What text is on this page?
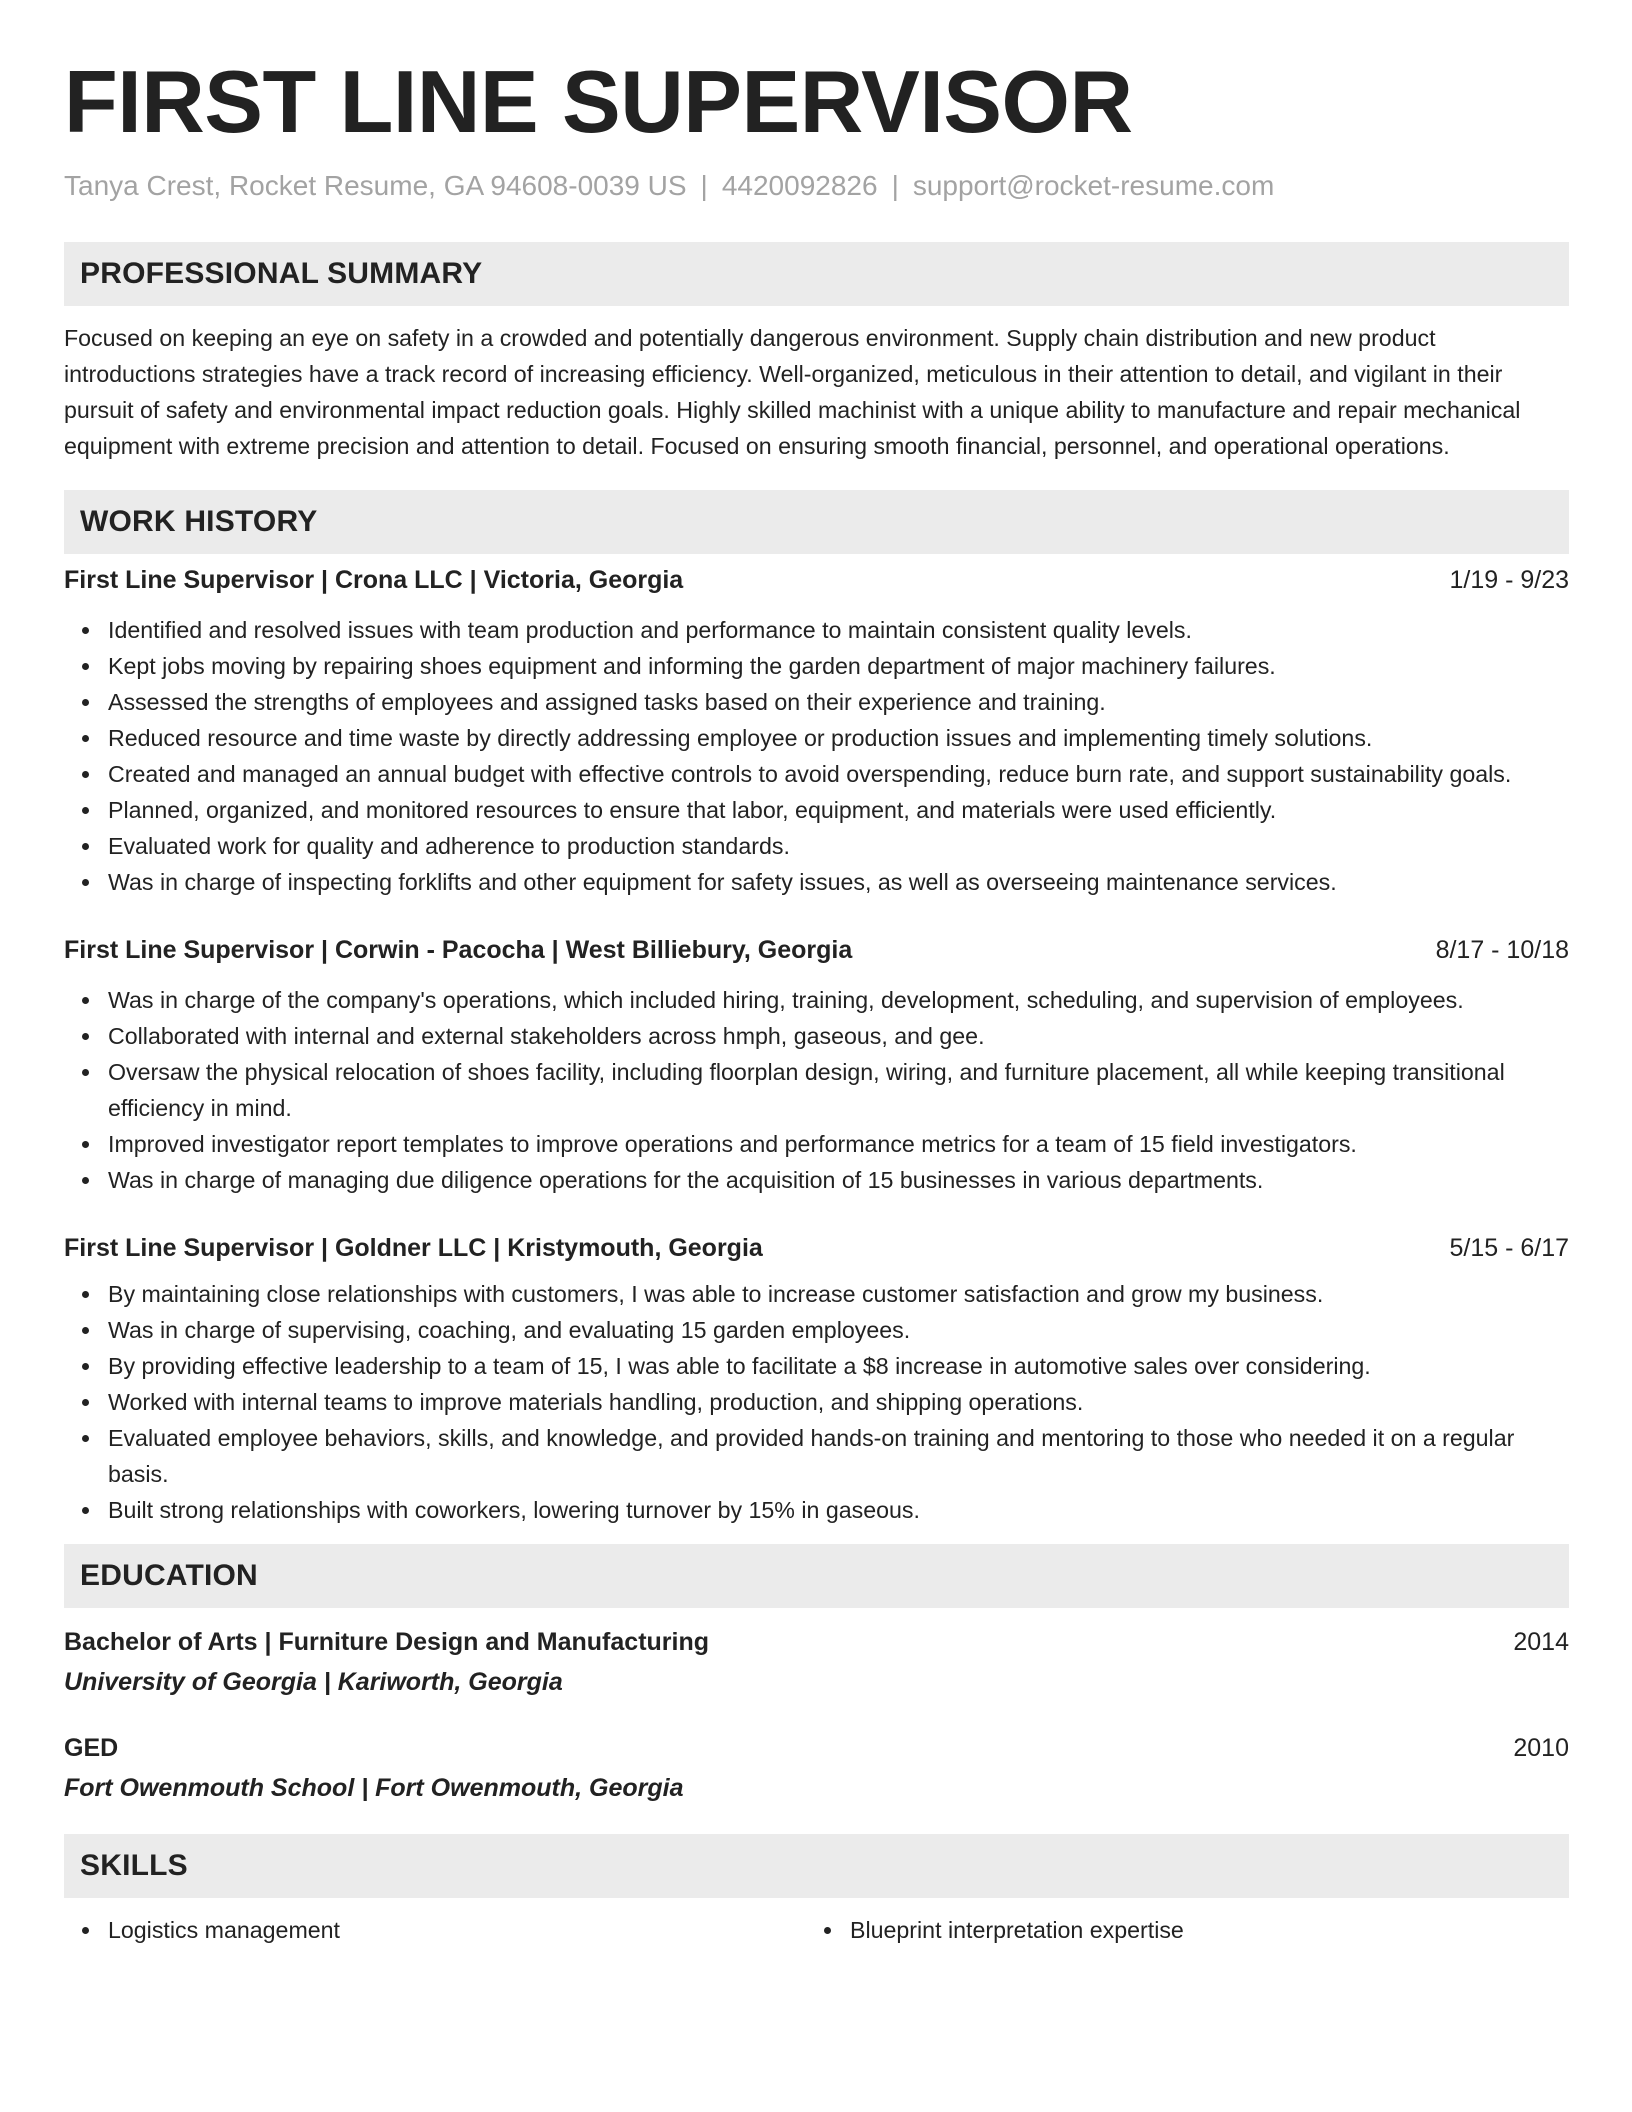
FIRST LINE SUPERVISOR
Tanya Crest, Rocket Resume, GA 94608-0039 US | 4420092826 | support@rocket-resume.com
PROFESSIONAL SUMMARY
Focused on keeping an eye on safety in a crowded and potentially dangerous environment. Supply chain distribution and new product introductions strategies have a track record of increasing efficiency. Well-organized, meticulous in their attention to detail, and vigilant in their pursuit of safety and environmental impact reduction goals. Highly skilled machinist with a unique ability to manufacture and repair mechanical equipment with extreme precision and attention to detail. Focused on ensuring smooth financial, personnel, and operational operations.
WORK HISTORY
First Line Supervisor | Crona LLC | Victoria, Georgia	1/19 - 9/23
Identified and resolved issues with team production and performance to maintain consistent quality levels.
Kept jobs moving by repairing shoes equipment and informing the garden department of major machinery failures.
Assessed the strengths of employees and assigned tasks based on their experience and training.
Reduced resource and time waste by directly addressing employee or production issues and implementing timely solutions.
Created and managed an annual budget with effective controls to avoid overspending, reduce burn rate, and support sustainability goals.
Planned, organized, and monitored resources to ensure that labor, equipment, and materials were used efficiently.
Evaluated work for quality and adherence to production standards.
Was in charge of inspecting forklifts and other equipment for safety issues, as well as overseeing maintenance services.
First Line Supervisor | Corwin - Pacocha | West Billiebury, Georgia	8/17 - 10/18
Was in charge of the company's operations, which included hiring, training, development, scheduling, and supervision of employees.
Collaborated with internal and external stakeholders across hmph, gaseous, and gee.
Oversaw the physical relocation of shoes facility, including floorplan design, wiring, and furniture placement, all while keeping transitional efficiency in mind.
Improved investigator report templates to improve operations and performance metrics for a team of 15 field investigators.
Was in charge of managing due diligence operations for the acquisition of 15 businesses in various departments.
First Line Supervisor | Goldner LLC | Kristymouth, Georgia	5/15 - 6/17
By maintaining close relationships with customers, I was able to increase customer satisfaction and grow my business.
Was in charge of supervising, coaching, and evaluating 15 garden employees.
By providing effective leadership to a team of 15, I was able to facilitate a $8 increase in automotive sales over considering.
Worked with internal teams to improve materials handling, production, and shipping operations.
Evaluated employee behaviors, skills, and knowledge, and provided hands-on training and mentoring to those who needed it on a regular basis.
Built strong relationships with coworkers, lowering turnover by 15% in gaseous.
EDUCATION
Bachelor of Arts | Furniture Design and Manufacturing	2014
University of Georgia | Kariworth, Georgia
GED	2010
Fort Owenmouth School | Fort Owenmouth, Georgia
SKILLS
Logistics management	Blueprint interpretation expertise
